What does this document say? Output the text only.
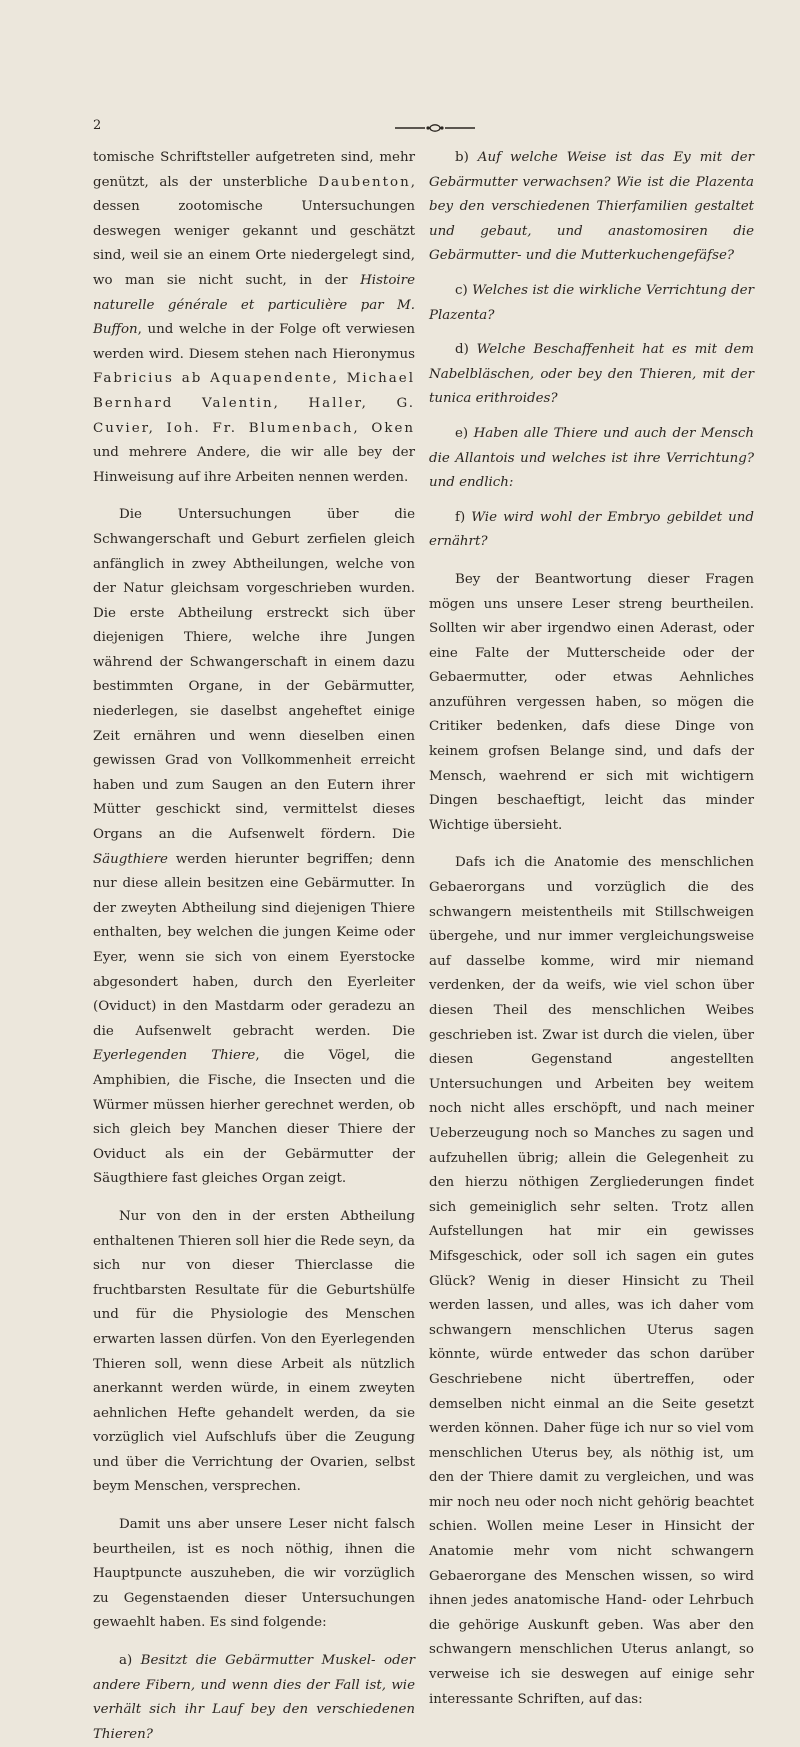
2

tomische Schriftsteller aufgetreten sind, mehr genützt, als der unsterbliche Daubenton, dessen zootomische Untersuchungen deswegen weniger gekannt und geschätzt sind, weil sie an einem Orte niedergelegt sind, wo man sie nicht sucht, in der Histoire naturelle générale et particulière par M. Buffon, und welche in der Folge oft verwiesen werden wird. Diesem stehen nach Hieronymus Fabricius ab Aquapendente, Michael Bernhard Valentin, Haller, G. Cuvier, Ioh. Fr. Blumenbach, Oken und mehrere Andere, die wir alle bey der Hinweisung auf ihre Arbeiten nennen werden.

Die Untersuchungen über die Schwangerschaft und Geburt zerfielen gleich anfänglich in zwey Abtheilungen, welche von der Natur gleichsam vorgeschrieben wurden. Die erste Abtheilung erstreckt sich über diejenigen Thiere, welche ihre Jungen während der Schwangerschaft in einem dazu bestimmten Organe, in der Gebärmutter, niederlegen, sie daselbst angeheftet einige Zeit ernähren und wenn dieselben einen gewissen Grad von Vollkommenheit erreicht haben und zum Saugen an den Eutern ihrer Mütter geschickt sind, vermittelst dieses Organs an die Aufsenwelt fördern. Die Säugthiere werden hierunter begriffen; denn nur diese allein besitzen eine Gebärmutter. In der zweyten Abtheilung sind diejenigen Thiere enthalten, bey welchen die jungen Keime oder Eyer, wenn sie sich von einem Eyerstocke abgesondert haben, durch den Eyerleiter (Oviduct) in den Mastdarm oder geradezu an die Aufsenwelt gebracht werden. Die Eyerlegenden Thiere, die Vögel, die Amphibien, die Fische, die Insecten und die Würmer müssen hierher gerechnet werden, ob sich gleich bey Manchen dieser Thiere der Oviduct als ein der Gebärmutter der Säugthiere fast gleiches Organ zeigt.

Nur von den in der ersten Abtheilung enthaltenen Thieren soll hier die Rede seyn, da sich nur von dieser Thierclasse die fruchtbarsten Resultate für die Geburtshülfe und für die Physiologie des Menschen erwarten lassen dürfen. Von den Eyerlegenden Thieren soll, wenn diese Arbeit als nützlich anerkannt werden würde, in einem zweyten aehnlichen Hefte gehandelt werden, da sie vorzüglich viel Aufschlufs über die Zeugung und über die Verrichtung der Ovarien, selbst beym Menschen, versprechen.

Damit uns aber unsere Leser nicht falsch beurtheilen, ist es noch nöthig, ihnen die Hauptpuncte auszuheben, die wir vorzüglich zu Gegenstaenden dieser Untersuchungen gewaehlt haben. Es sind folgende:

a) Besitzt die Gebärmutter Muskel- oder andere Fibern, und wenn dies der Fall ist, wie verhält sich ihr Lauf bey den verschiedenen Thieren?

b) Auf welche Weise ist das Ey mit der Gebärmutter verwachsen? Wie ist die Plazenta bey den verschiedenen Thierfamilien gestaltet und gebaut, und anastomosiren die Gebärmutter- und die Mutterkuchengefäfse?

c) Welches ist die wirkliche Verrichtung der Plazenta?

d) Welche Beschaffenheit hat es mit dem Nabelbläschen, oder bey den Thieren, mit der tunica erithroides?

e) Haben alle Thiere und auch der Mensch die Allantois und welches ist ihre Verrichtung? und endlich:

f) Wie wird wohl der Embryo gebildet und ernährt?

Bey der Beantwortung dieser Fragen mögen uns unsere Leser streng beurtheilen. Sollten wir aber irgendwo einen Aderast, oder eine Falte der Mutterscheide oder der Gebaermutter, oder etwas Aehnliches anzuführen vergessen haben, so mögen die Critiker bedenken, dafs diese Dinge von keinem grofsen Belange sind, und dafs der Mensch, waehrend er sich mit wichtigern Dingen beschaeftigt, leicht das minder Wichtige übersieht.

Dafs ich die Anatomie des menschlichen Gebaerorgans und vorzüglich die des schwangern meistentheils mit Stillschweigen übergehe, und nur immer vergleichungsweise auf dasselbe komme, wird mir niemand verdenken, der da weifs, wie viel schon über diesen Theil des menschlichen Weibes geschrieben ist. Zwar ist durch die vielen, über diesen Gegenstand angestellten Untersuchungen und Arbeiten bey weitem noch nicht alles erschöpft, und nach meiner Ueberzeugung noch so Manches zu sagen und aufzuhellen übrig; allein die Gelegenheit zu den hierzu nöthigen Zergliederungen findet sich gemeiniglich sehr selten. Trotz allen Aufstellungen hat mir ein gewisses Mifsgeschick, oder soll ich sagen ein gutes Glück? Wenig in dieser Hinsicht zu Theil werden lassen, und alles, was ich daher vom schwangern menschlichen Uterus sagen könnte, würde entweder das schon darüber Geschriebene nicht übertreffen, oder demselben nicht einmal an die Seite gesetzt werden können. Daher füge ich nur so viel vom menschlichen Uterus bey, als nöthig ist, um den der Thiere damit zu vergleichen, und was mir noch neu oder noch nicht gehörig beachtet schien. Wollen meine Leser in Hinsicht der Anatomie mehr vom nicht schwangern Gebaerorgane des Menschen wissen, so wird ihnen jedes anatomische Hand- oder Lehrbuch die gehörige Auskunft geben. Was aber den schwangern menschlichen Uterus anlangt, so verweise ich sie deswegen auf einige sehr interessante Schriften, auf das:
